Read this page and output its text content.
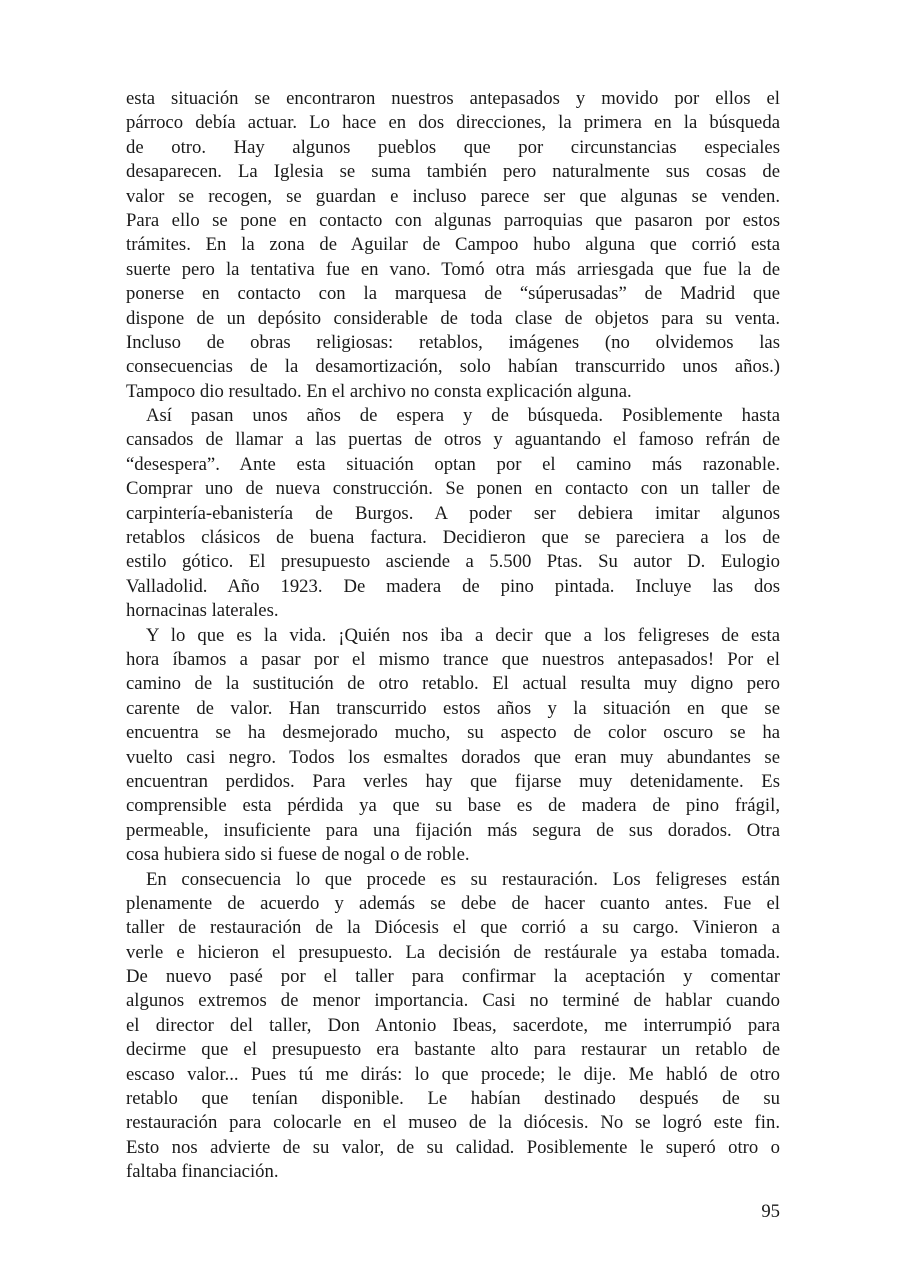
esta situación se encontraron nuestros antepasados y movido por ellos el
párroco debía actuar. Lo hace en dos direcciones, la primera en la búsqueda
de otro. Hay algunos pueblos que por circunstancias especiales
desaparecen. La Iglesia se suma también pero naturalmente sus cosas de
valor se recogen, se guardan e incluso parece ser que algunas se venden.
Para ello se pone en contacto con algunas parroquias que pasaron por estos
trámites. En la zona de Aguilar de Campoo hubo alguna que corrió esta
suerte pero la tentativa fue en vano. Tomó otra más arriesgada que fue la de
ponerse en contacto con la marquesa de “súperusadas” de Madrid que
dispone de un depósito considerable de toda clase de objetos para su venta.
Incluso de obras religiosas: retablos, imágenes (no olvidemos las
consecuencias de la desamortización, solo habían transcurrido unos años.)
Tampoco dio resultado. En el archivo no consta explicación alguna.
Así pasan unos años de espera y de búsqueda. Posiblemente hasta
cansados de llamar a las puertas de otros y aguantando el famoso refrán de
“desespera”. Ante esta situación optan por el camino más razonable.
Comprar uno de nueva construcción. Se ponen en contacto con un taller de
carpintería-ebanistería de Burgos. A poder ser debiera imitar algunos
retablos clásicos de buena factura. Decidieron que se pareciera a los de
estilo gótico. El presupuesto asciende a 5.500 Ptas. Su autor D. Eulogio
Valladolid. Año 1923. De madera de pino pintada. Incluye las dos
hornacinas laterales.
Y lo que es la vida. ¡Quién nos iba a decir que a los feligreses de esta
hora íbamos a pasar por el mismo trance que nuestros antepasados! Por el
camino de la sustitución de otro retablo. El actual resulta muy digno pero
carente de valor. Han transcurrido estos años y la situación en que se
encuentra se ha desmejorado mucho, su aspecto de color oscuro se ha
vuelto casi negro. Todos los esmaltes dorados que eran muy abundantes se
encuentran perdidos. Para verles hay que fijarse muy detenidamente. Es
comprensible esta pérdida ya que su base es de madera de pino frágil,
permeable, insuficiente para una fijación más segura de sus dorados. Otra
cosa hubiera sido si fuese de nogal o de roble.
En consecuencia lo que procede es su restauración. Los feligreses están
plenamente de acuerdo y además se debe de hacer cuanto antes. Fue el
taller de restauración de la Diócesis el que corrió a su cargo. Vinieron a
verle e hicieron el presupuesto. La decisión de restáurale ya estaba tomada.
De nuevo pasé por el taller para confirmar la aceptación y comentar
algunos extremos de menor importancia. Casi no terminé de hablar cuando
el director del taller, Don Antonio Ibeas, sacerdote, me interrumpió para
decirme que el presupuesto era bastante alto para restaurar un retablo de
escaso valor... Pues tú me dirás: lo que procede; le dije. Me habló de otro
retablo que tenían disponible. Le habían destinado después de su
restauración para colocarle en el museo de la diócesis. No se logró este fin.
Esto nos advierte de su valor, de su calidad. Posiblemente le superó otro o
faltaba financiación.
95
